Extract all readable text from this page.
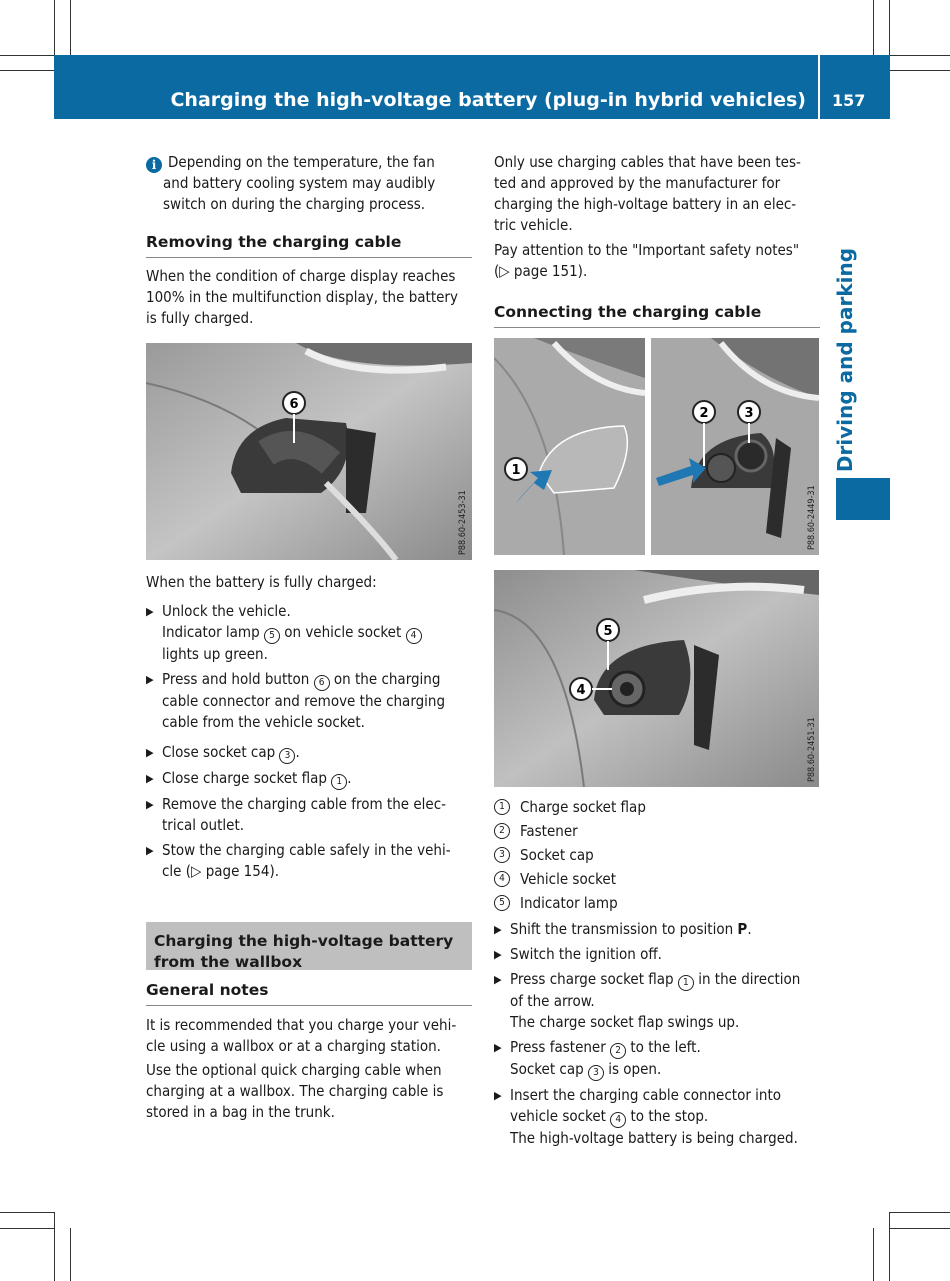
Charging the high-voltage battery (plug-in hybrid vehicles) 157
Driving and parking

i Depending on the temperature, the fan

and battery cooling system may audibly

switch on during the charging process.

Removing the charging cable

When the condition of charge display reaches

100% in the multifunction display, the battery

is fully charged.

6
P88.60-2453-31

When the battery is fully charged:

▶ Unlock the vehicle.

Indicator lamp 5 on vehicle socket 4

lights up green.

▶ Press and hold button 6 on the charging

cable connector and remove the charging

cable from the vehicle socket.

▶ Close socket cap 3 .

▶ Close charge socket flap 1 .

▶ Remove the charging cable from the elec-

trical outlet.

▶ Stow the charging cable safely in the vehi-

cle (▷ page 154).

Charging the high-voltage battery

from the wallbox

General notes

It is recommended that you charge your vehi-

cle using a wallbox or at a charging station.

Use the optional quick charging cable when

charging at a wallbox. The charging cable is

stored in a bag in the trunk.

Only use charging cables that have been tes-

ted and approved by the manufacturer for

charging the high-voltage battery in an elec-

tric vehicle.

Pay attention to the "Important safety notes"

(▷ page 151).

Connecting the charging cable

1
2	3
P88.60-2449-31
5
4
P88.60-2451-31
1	Charge socket flap
2	Fastener
3	Socket cap
4	Vehicle socket
5	Indicator lamp
▶ Shift the transmission to position P.

▶ Switch the ignition off.

▶ Press charge socket flap 1 in the direction

of the arrow.

The charge socket flap swings up.

▶ Press fastener 2 to the left.

Socket cap 3 is open.

▶ Insert the charging cable connector into

vehicle socket 4 to the stop.

The high-voltage battery is being charged.
